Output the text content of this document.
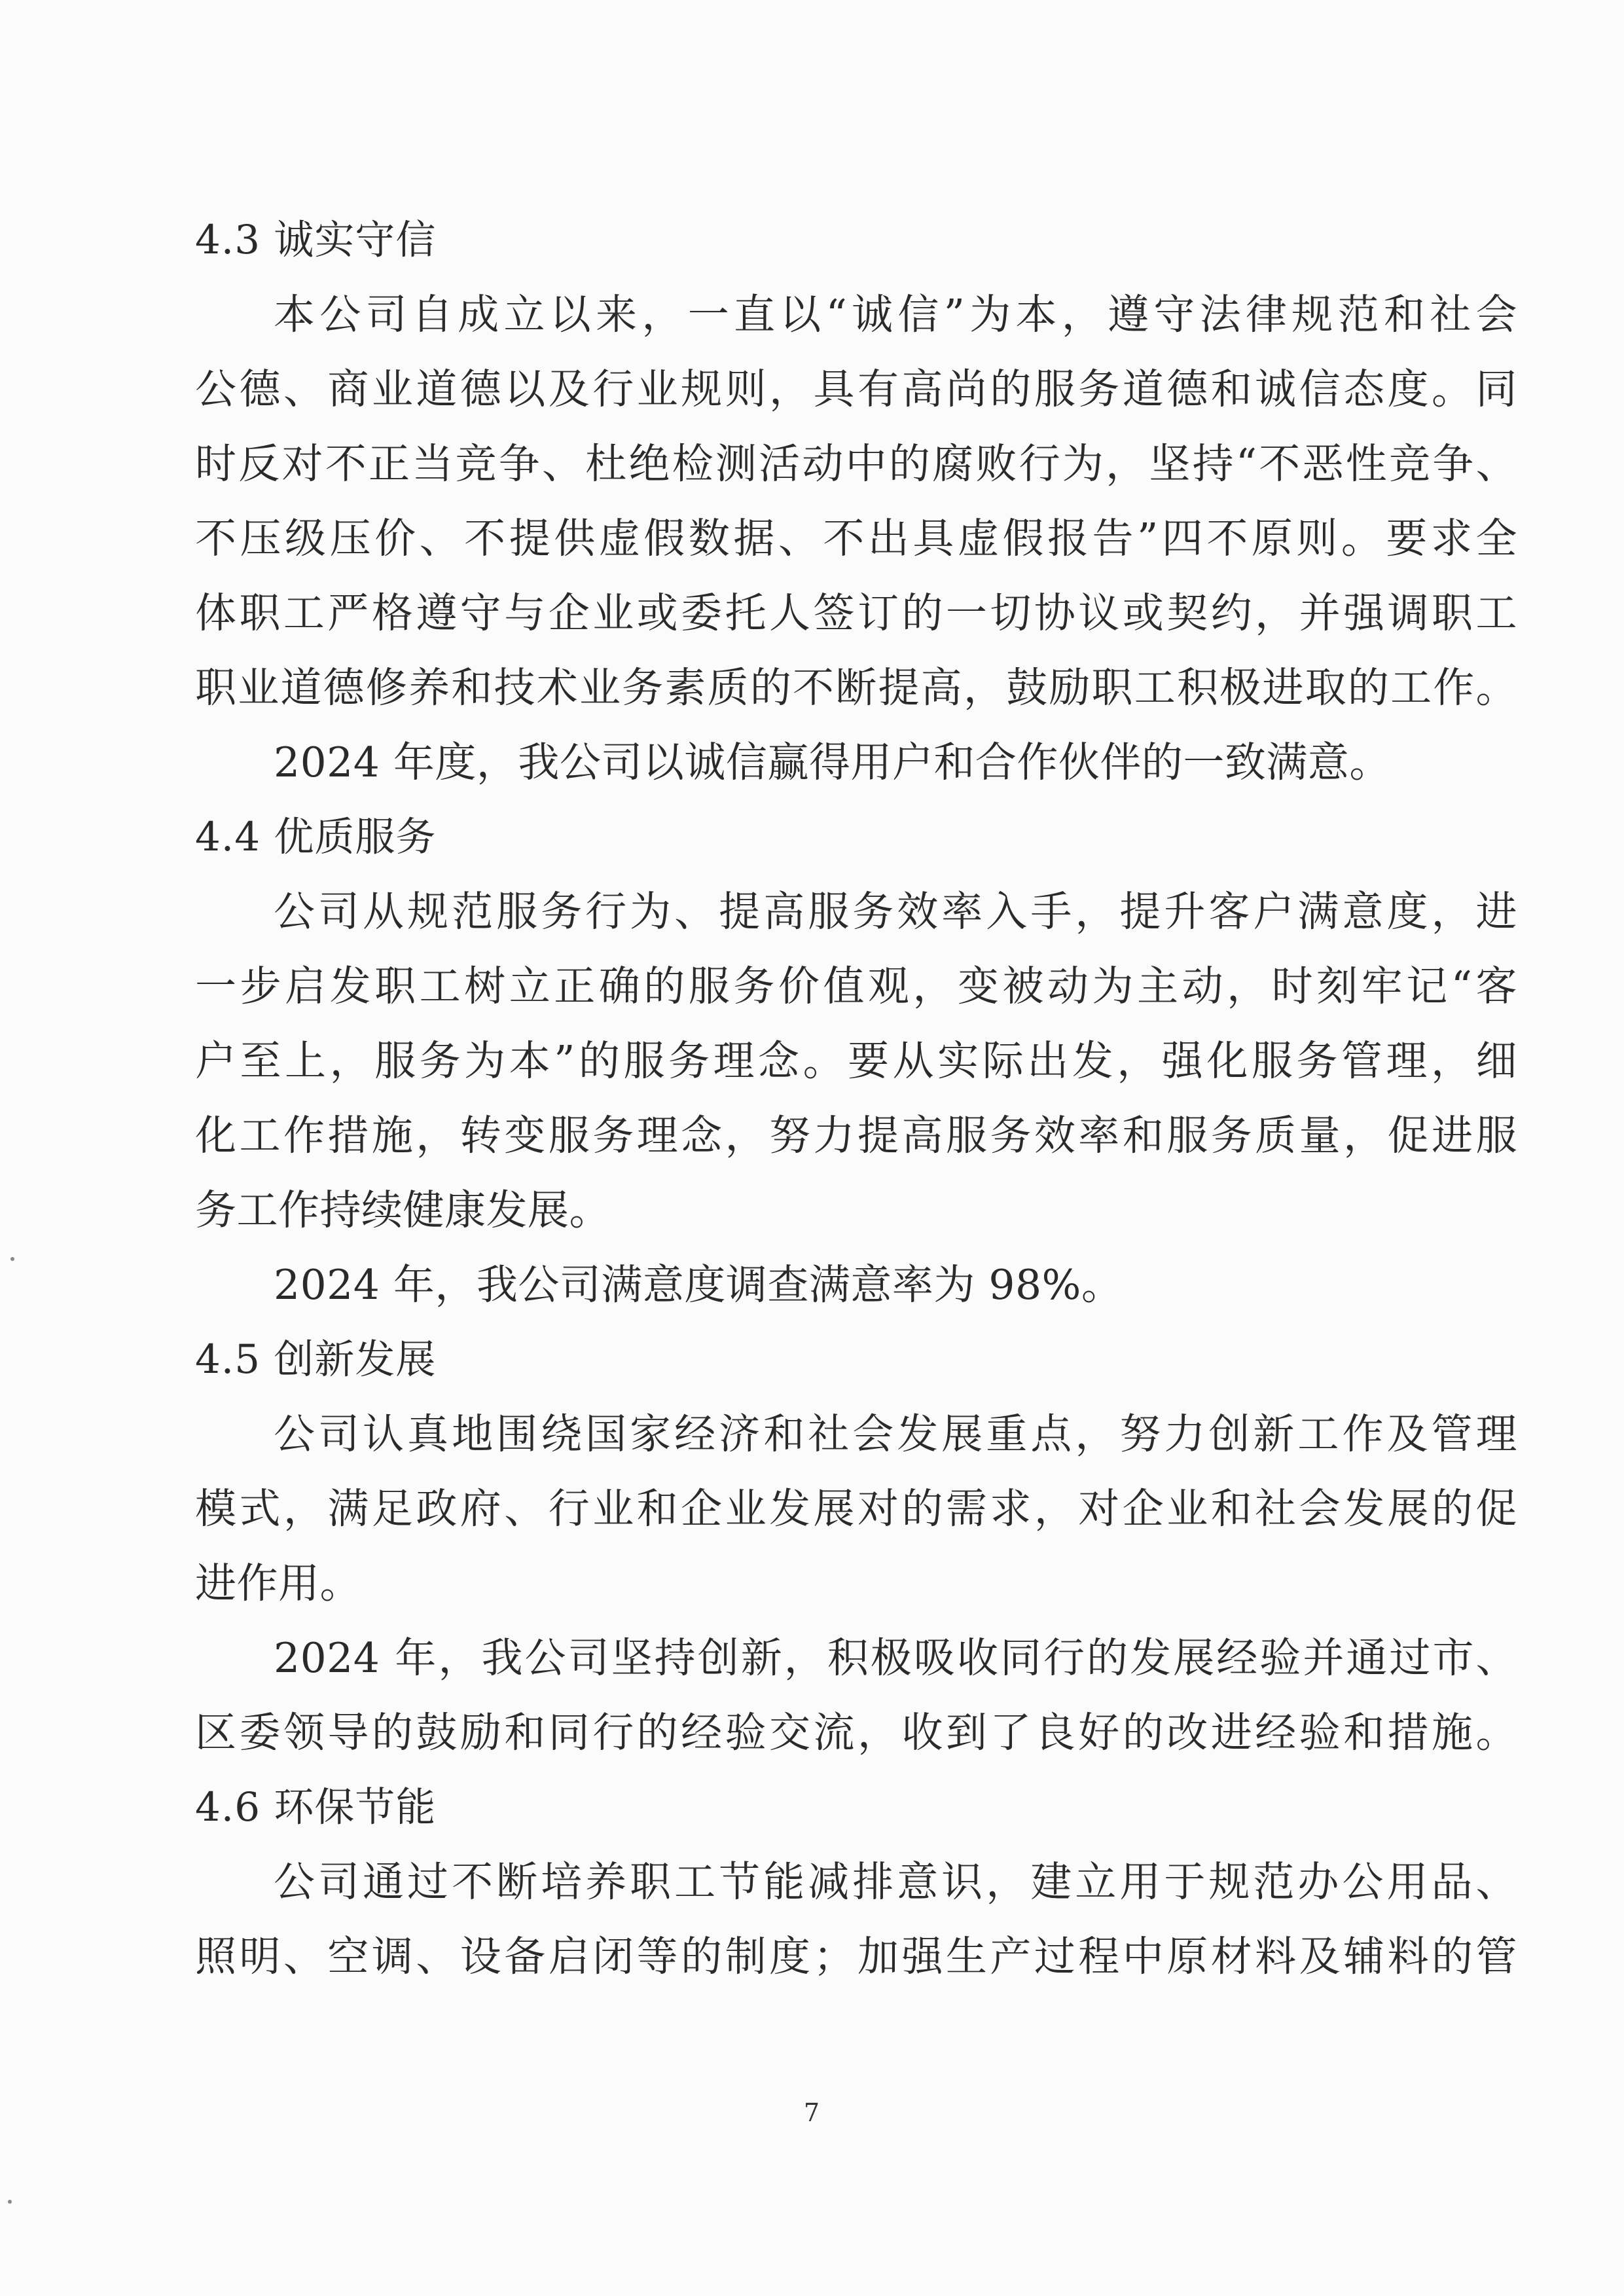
4.3 诚实守信
本公司自成立以来，一直以“诚信”为本，遵守法律规范和社会
公德、商业道德以及行业规则，具有高尚的服务道德和诚信态度。同
时反对不正当竞争、杜绝检测活动中的腐败行为，坚持“不恶性竞争、
不压级压价、不提供虚假数据、不出具虚假报告”四不原则。要求全
体职工严格遵守与企业或委托人签订的一切协议或契约，并强调职工
职业道德修养和技术业务素质的不断提高，鼓励职工积极进取的工作。
2024 年度，我公司以诚信赢得用户和合作伙伴的一致满意。
4.4 优质服务
公司从规范服务行为、提高服务效率入手，提升客户满意度，进
一步启发职工树立正确的服务价值观，变被动为主动，时刻牢记“客
户至上，服务为本”的服务理念。要从实际出发，强化服务管理，细
化工作措施，转变服务理念，努力提高服务效率和服务质量，促进服
务工作持续健康发展。
2024 年，我公司满意度调查满意率为 98%。
4.5 创新发展
公司认真地围绕国家经济和社会发展重点，努力创新工作及管理
模式，满足政府、行业和企业发展对的需求，对企业和社会发展的促
进作用。
2024 年，我公司坚持创新，积极吸收同行的发展经验并通过市、
区委领导的鼓励和同行的经验交流，收到了良好的改进经验和措施。
4.6 环保节能
公司通过不断培养职工节能减排意识，建立用于规范办公用品、
照明、空调、设备启闭等的制度；加强生产过程中原材料及辅料的管
7
